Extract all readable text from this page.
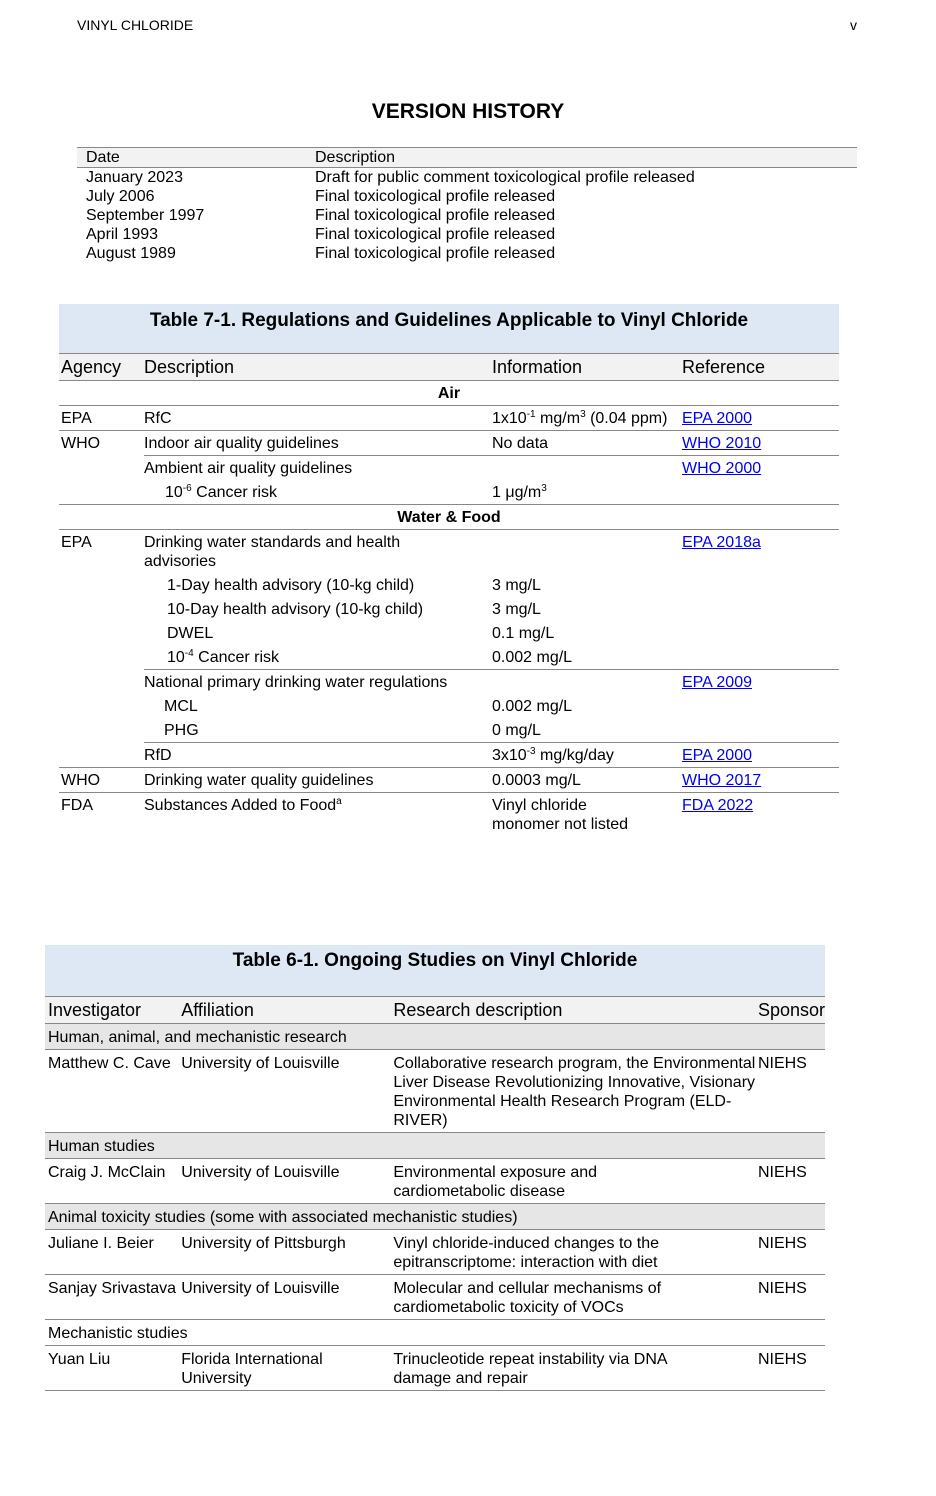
VINYL CHLORIDE	v
VERSION HISTORY
Date	Description
January 2023	Draft for public comment toxicological profile released
July 2006	Final toxicological profile released
September 1997	Final toxicological profile released
April 1993	Final toxicological profile released
August 1989	Final toxicological profile released
Table 7-1. Regulations and Guidelines Applicable to Vinyl Chloride
Agency	Description	Information	Reference
Air			
EPA	RfC	$1x10^{-1}$ $mg/m^3$ (0.04 ppm)	EPA 2000
WHO	Indoor air quality guidelines	No data	WHO 2010
	Ambient air quality guidelines		WHO 2000
	$10^{-6}$ Cancer risk	1 $\mu g/m^3$	
Water & Food			
EPA	Drinking water standards and health advisories		EPA 2018a
	1-Day health advisory (10-kg child)	3 mg/L	
	10-Day health advisory (10-kg child)	3 mg/L	
	DWEL	0.1 mg/L	
	$10^{-4}$ Cancer risk	0.002 mg/L	
	National primary drinking water regulations		EPA 2009
	MCL	0.002 mg/L	
	PHG	0 mg/L	
	RfD	$3x10^{-3}$ mg/kg/day	EPA 2000
WHO	Drinking water quality guidelines	0.0003 mg/L	WHO 2017
FDA	Substances Added to Food$^a$	Vinyl chloride monomer not listed	FDA 2022
Table 6-1. Ongoing Studies on Vinyl Chloride
Investigator	Affiliation	Research description	Sponsor
Human, animal, and mechanistic research			
Matthew C. Cave	University of Louisville	Collaborative research program, the Environmental Liver Disease Revolutionizing Innovative, Visionary Environmental Health Research Program (ELD-RIVER)	NIEHS
Human studies			
Craig J. McClain	University of Louisville	Environmental exposure and cardiometabolic disease	NIEHS
Animal toxicity studies (some with associated mechanistic studies)			
Juliane I. Beier	University of Pittsburgh	Vinyl chloride-induced changes to the epitranscriptome: interaction with diet	NIEHS
Sanjay Srivastava	University of Louisville	Molecular and cellular mechanisms of cardiometabolic toxicity of VOCs	NIEHS
Mechanistic studies			
Yuan Liu	Florida International University	Trinucleotide repeat instability via DNA damage and repair	NIEHS
